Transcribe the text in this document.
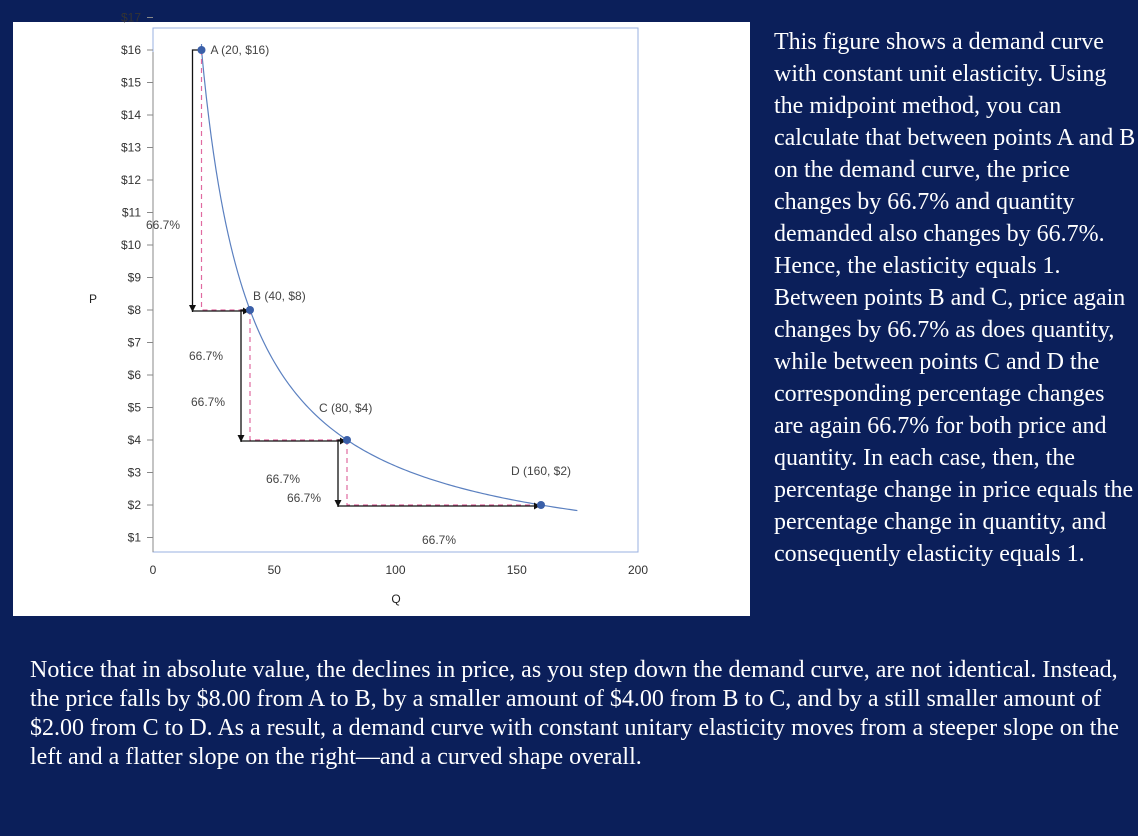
$1
$2
$3
$4
$5
$6
$7
$8
$9
$10
$11
$12
$13
$14
$15
$16
$17
0	50	100	150	200
P
Q
A (20, $16)
B (40, $8)
C (80, $4)
D (160, $2)
66.7%
66.7%
66.7%
66.7%
66.7%
66.7%

This figure shows a demand curve with constant unit elasticity. Using the midpoint method, you can calculate that between points A and B on the demand curve, the price changes by 66.7% and quantity demanded also changes by 66.7%. Hence, the elasticity equals 1. Between points B and C, price again changes by 66.7% as does quantity, while between points C and D the corresponding percentage changes are again 66.7% for both price and quantity. In each case, then, the percentage change in price equals the percentage change in quantity, and consequently elasticity equals 1.

Notice that in absolute value, the declines in price, as you step down the demand curve, are not identical. Instead, the price falls by $8.00 from A to B, by a smaller amount of $4.00 from B to C, and by a still smaller amount of $2.00 from C to D. As a result, a demand curve with constant unitary elasticity moves from a steeper slope on the left and a flatter slope on the right—and a curved shape overall.
